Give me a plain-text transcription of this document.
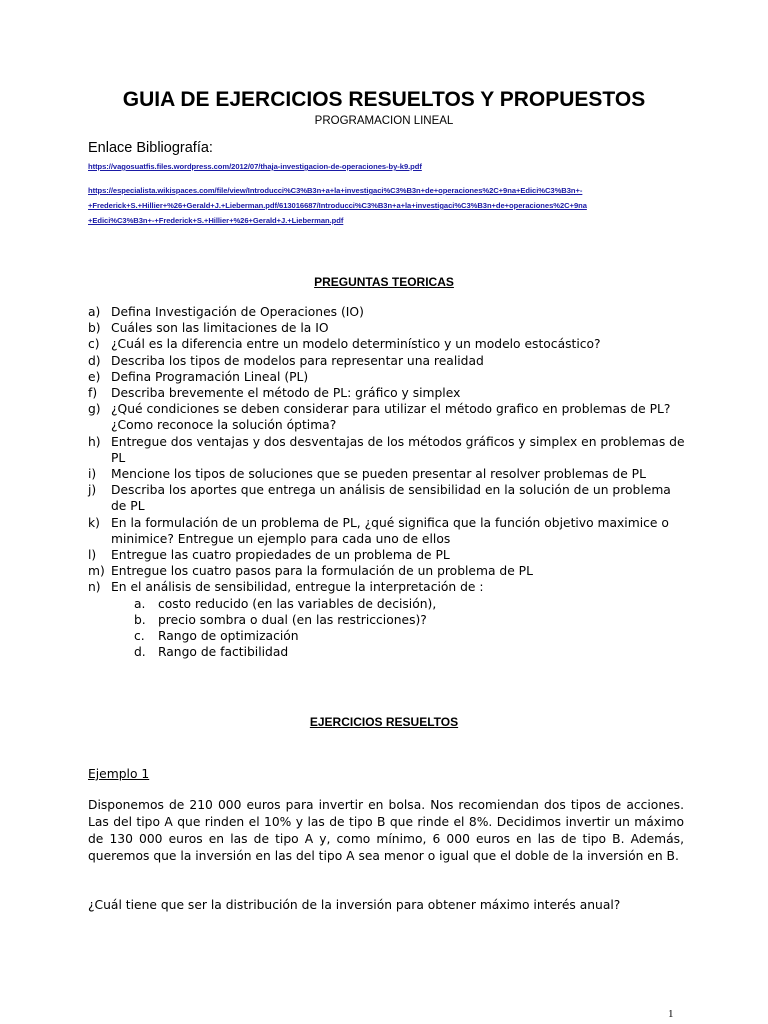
GUIA DE EJERCICIOS RESUELTOS Y PROPUESTOS
PROGRAMACION LINEAL
Enlace Bibliografía:
https://vagosuatfis.files.wordpress.com/2012/07/thaja-investigacion-de-operaciones-by-k9.pdf
https://especialista.wikispaces.com/file/view/Introducci%C3%B3n+a+la+investigaci%C3%B3n+de+operaciones%2C+9na+Edici%C3%B3n+-
+Frederick+S.+Hillier+%26+Gerald+J.+Lieberman.pdf/613016687/Introducci%C3%B3n+a+la+investigaci%C3%B3n+de+operaciones%2C+9na
+Edici%C3%B3n+-+Frederick+S.+Hillier+%26+Gerald+J.+Lieberman.pdf
PREGUNTAS TEORICAS
a) Defina Investigación de Operaciones (IO)
b) Cuáles son las limitaciones de la IO
c) ¿Cuál es la diferencia entre un modelo determinístico y un modelo estocástico?
d) Describa los tipos de modelos para representar una realidad
e) Defina Programación Lineal (PL)
f) Describa brevemente el método de PL: gráfico y simplex
g) ¿Qué condiciones se deben considerar para utilizar el método grafico en problemas de PL? ¿Como reconoce la solución óptima?
h) Entregue dos ventajas y dos desventajas de los métodos gráficos y simplex en problemas de PL
i) Mencione los tipos de soluciones que se pueden presentar al resolver problemas de PL
j) Describa los aportes que entrega un análisis de sensibilidad en la solución de un problema de PL
k) En la formulación de un problema de PL, ¿qué significa que la función objetivo maximice o minimice? Entregue un ejemplo para cada uno de ellos
l) Entregue las cuatro propiedades de un problema de PL
m) Entregue los cuatro pasos para la formulación de un problema de PL
n) En el análisis de sensibilidad, entregue la interpretación de :
a. costo reducido (en las variables de decisión),
b. precio sombra o dual (en las restricciones)?
c. Rango de optimización
d. Rango de factibilidad
EJERCICIOS RESUELTOS
Ejemplo 1

Disponemos de 210 000 euros para invertir en bolsa. Nos recomiendan dos tipos de acciones. Las del tipo A que rinden el 10% y las de tipo B que rinde el 8%. Decidimos invertir un máximo de 130 000 euros en las de tipo A y, como mínimo, 6 000 euros en las de tipo B. Además, queremos que la inversión en las del tipo A sea menor o igual que el doble de la inversión en B.

¿Cuál tiene que ser la distribución de la inversión para obtener máximo interés anual?

1
